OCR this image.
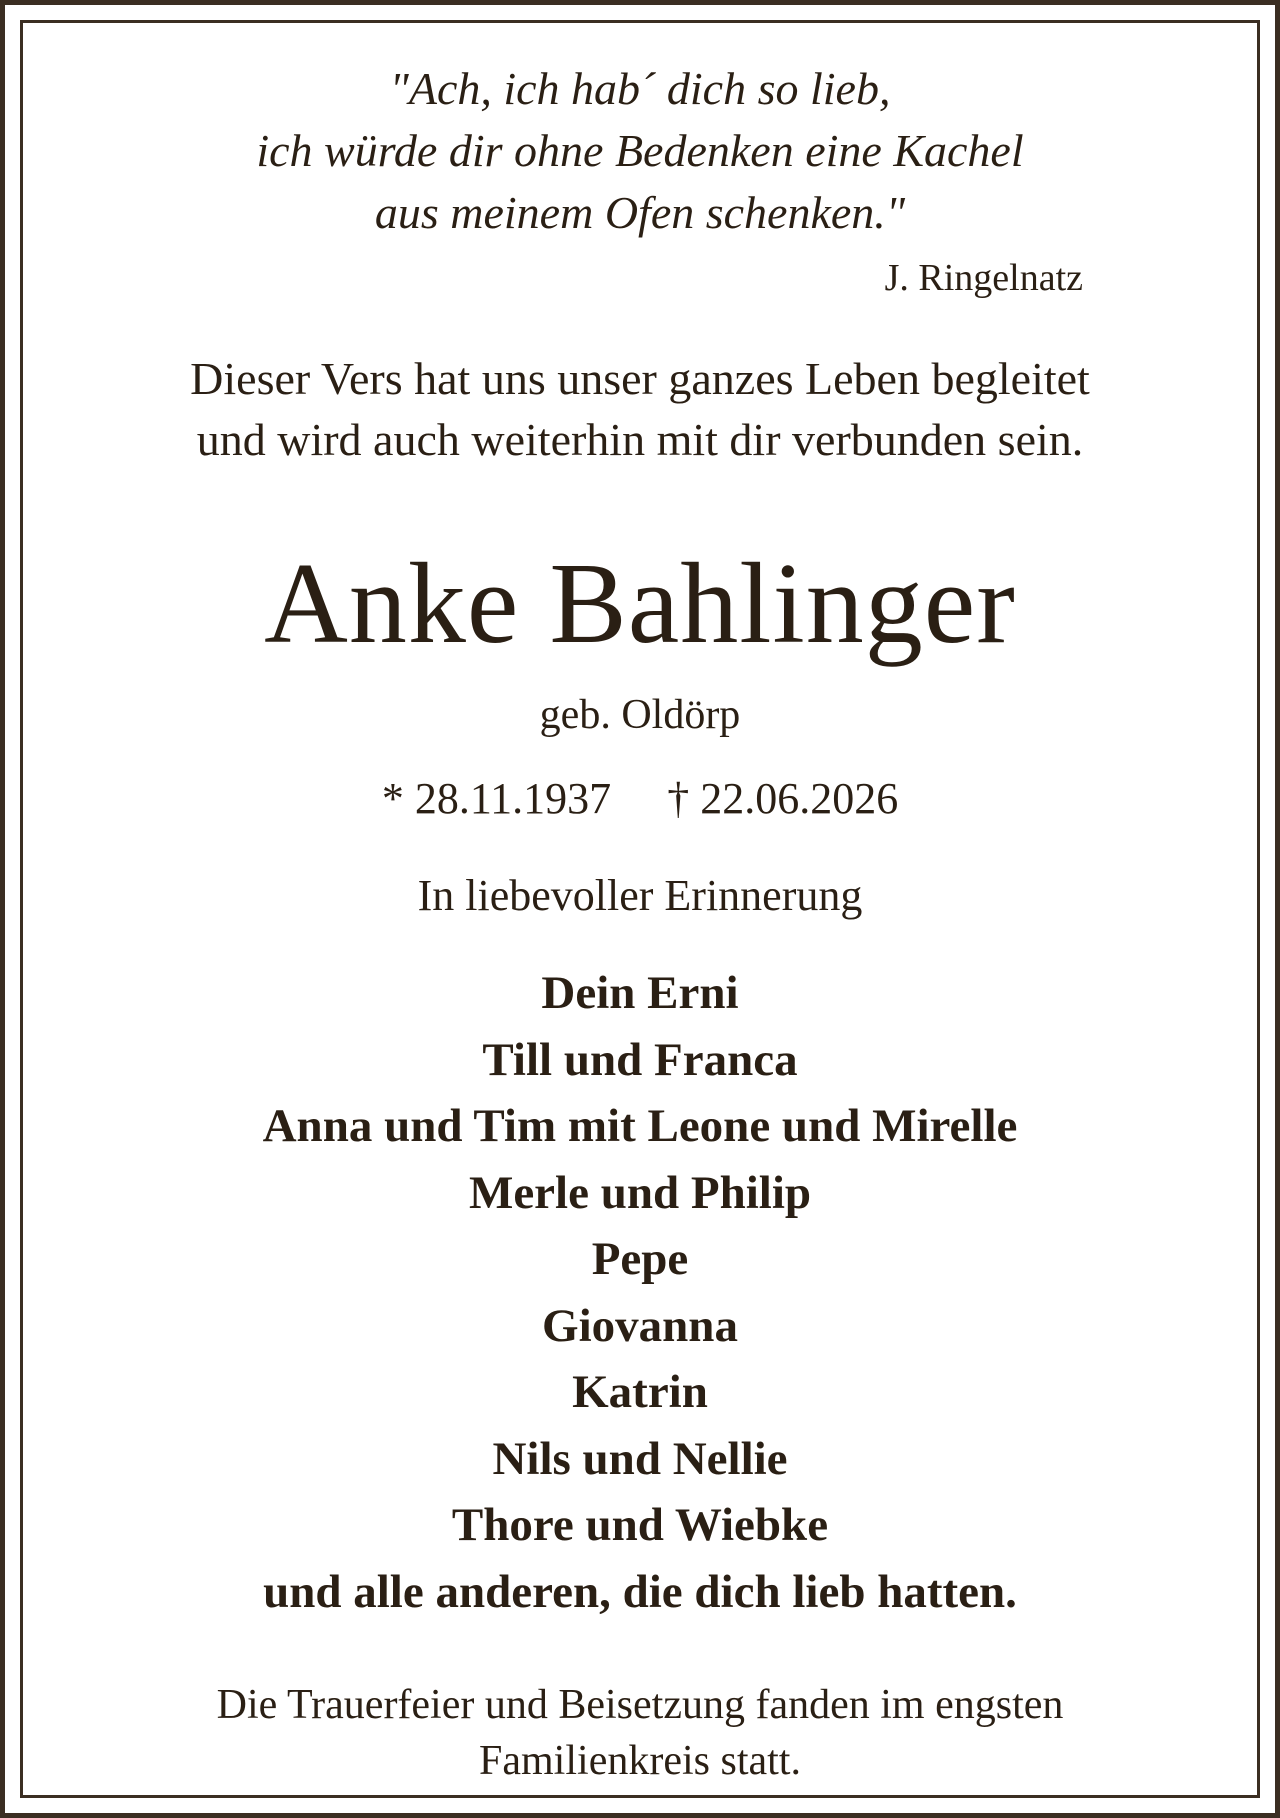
"Ach, ich hab´ dich so lieb,
ich würde dir ohne Bedenken eine Kachel
aus meinem Ofen schenken."
J. Ringelnatz
Dieser Vers hat uns unser ganzes Leben begleitet
und wird auch weiterhin mit dir verbunden sein.
Anke Bahlinger
geb. Oldörp
* 28.11.1937 † 22.06.2026
In liebevoller Erinnerung
Dein Erni
Till und Franca
Anna und Tim mit Leone und Mirelle
Merle und Philip
Pepe
Giovanna
Katrin
Nils und Nellie
Thore und Wiebke
und alle anderen, die dich lieb hatten.
Die Trauerfeier und Beisetzung fanden im engsten
Familienkreis statt.
